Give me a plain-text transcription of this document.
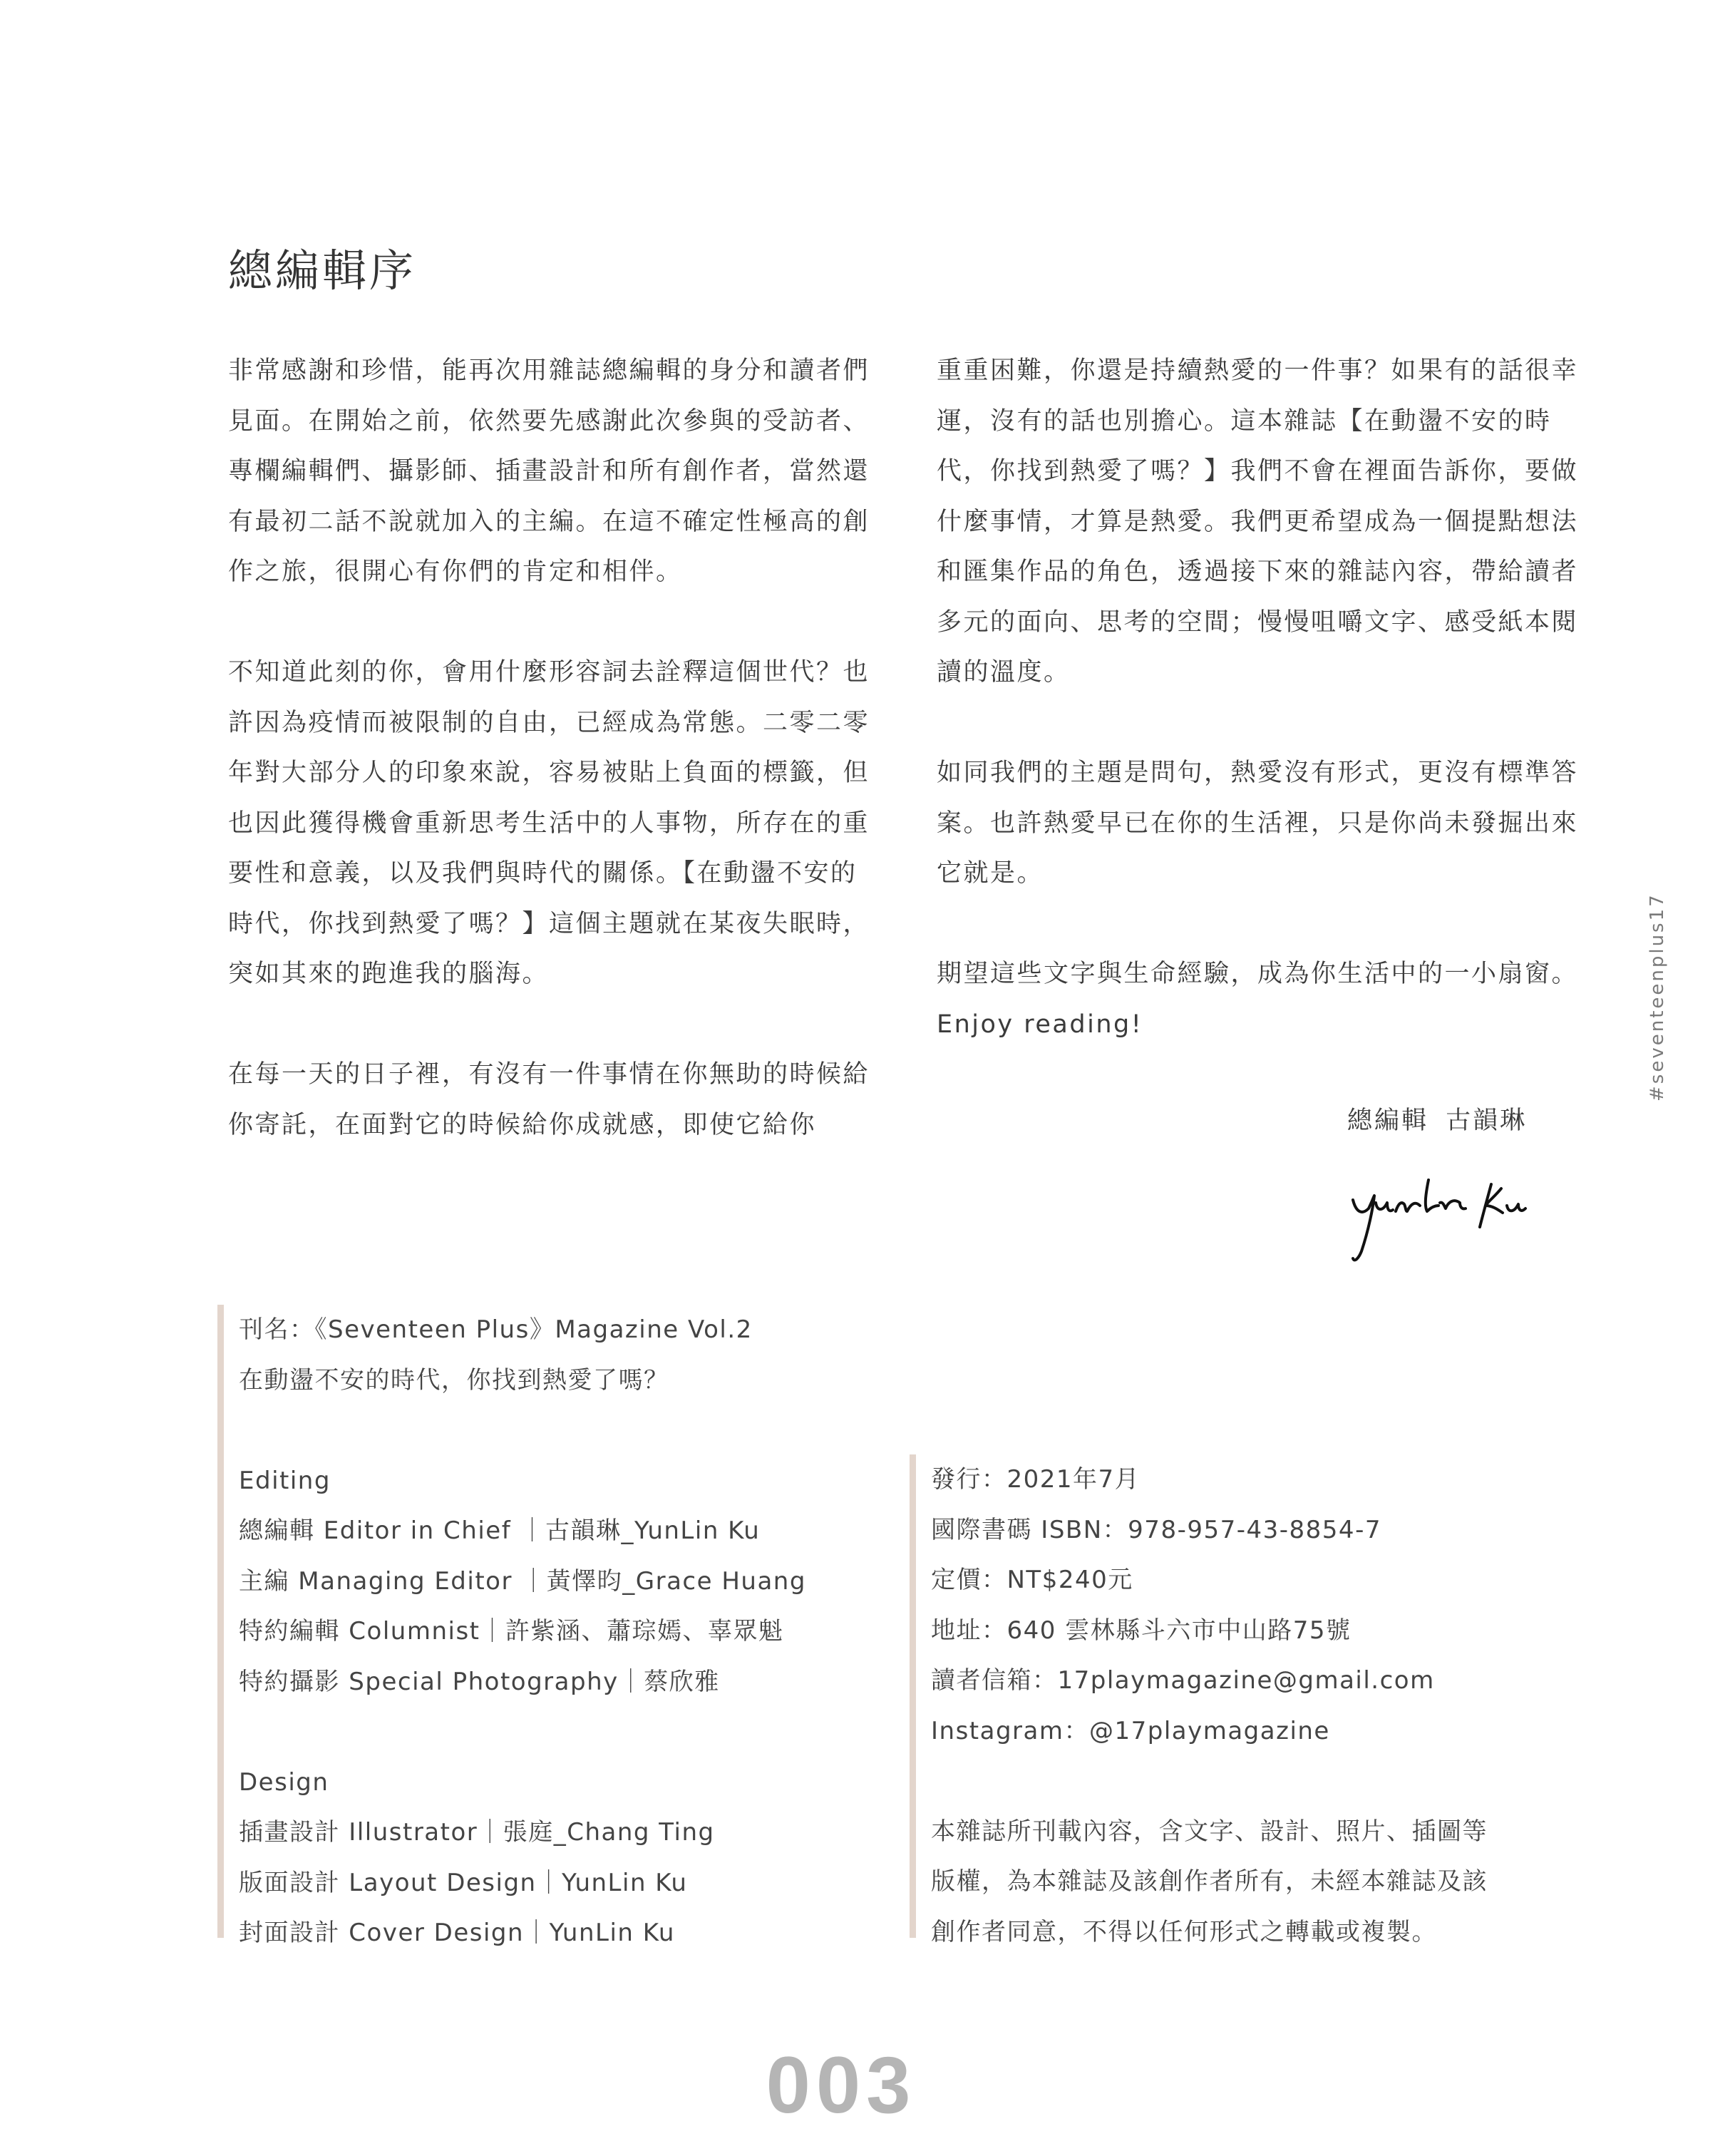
總編輯序

非常感謝和珍惜，能再次用雜誌總編輯的身分和讀者們見面。在開始之前，依然要先感謝此次參與的受訪者、專欄編輯們、攝影師、插畫設計和所有創作者，當然還有最初二話不說就加入的主編。在這不確定性極高的創作之旅，很開心有你們的肯定和相伴。

不知道此刻的你，會用什麼形容詞去詮釋這個世代？也許因為疫情而被限制的自由，已經成為常態。二零二零年對大部分人的印象來說，容易被貼上負面的標籤，但也因此獲得機會重新思考生活中的人事物，所存在的重要性和意義，以及我們與時代的關係。【在動盪不安的時代，你找到熱愛了嗎？】這個主題就在某夜失眠時，突如其來的跑進我的腦海。

在每一天的日子裡，有沒有一件事情在你無助的時候給你寄託，在面對它的時候給你成就感，即使它給你

重重困難，你還是持續熱愛的一件事？如果有的話很幸運，沒有的話也別擔心。這本雜誌【在動盪不安的時代，你找到熱愛了嗎？】我們不會在裡面告訴你，要做什麼事情，才算是熱愛。我們更希望成為一個提點想法和匯集作品的角色，透過接下來的雜誌內容，帶給讀者多元的面向、思考的空間；慢慢咀嚼文字、感受紙本閱讀的溫度。

如同我們的主題是問句，熱愛沒有形式，更沒有標準答案。也許熱愛早已在你的生活裡，只是你尚未發掘出來它就是。

期望這些文字與生命經驗，成為你生活中的一小扇窗。Enjoy reading!

總編輯 古韻琳
#seventeenplus17
刊名：《Seventeen Plus》Magazine Vol.2
在動盪不安的時代，你找到熱愛了嗎？
Editing
總編輯 Editor in Chief ｜古韻琳_YunLin Ku
主編 Managing Editor ｜黃懌昀_Grace Huang
特約編輯 Columnist｜許紫涵、蕭琮嫣、辜眾魁
特約攝影 Special Photography｜蔡欣雅
Design
插畫設計 Illustrator｜張庭_Chang Ting
版面設計 Layout Design｜YunLin Ku
封面設計 Cover Design｜YunLin Ku
發行：2021年7月
國際書碼 ISBN：978-957-43-8854-7
定價：NT$240元
地址：640 雲林縣斗六市中山路75號
讀者信箱：17playmagazine@gmail.com
Instagram：@17playmagazine
本雜誌所刊載內容，含文字、設計、照片、插圖等
版權，為本雜誌及該創作者所有，未經本雜誌及該
創作者同意，不得以任何形式之轉載或複製。
003
